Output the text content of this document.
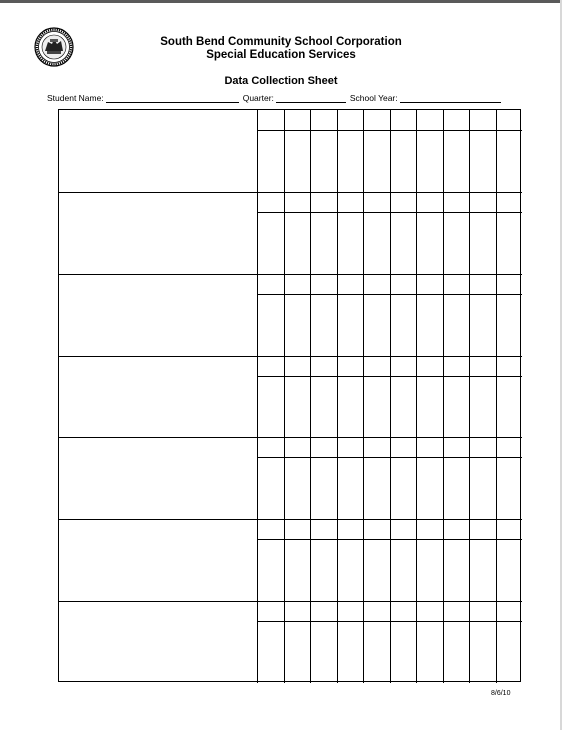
South Bend Community School Corporation
Special Education Services
Data Collection Sheet
Student Name:	Quarter:	School Year:
8/6/10
